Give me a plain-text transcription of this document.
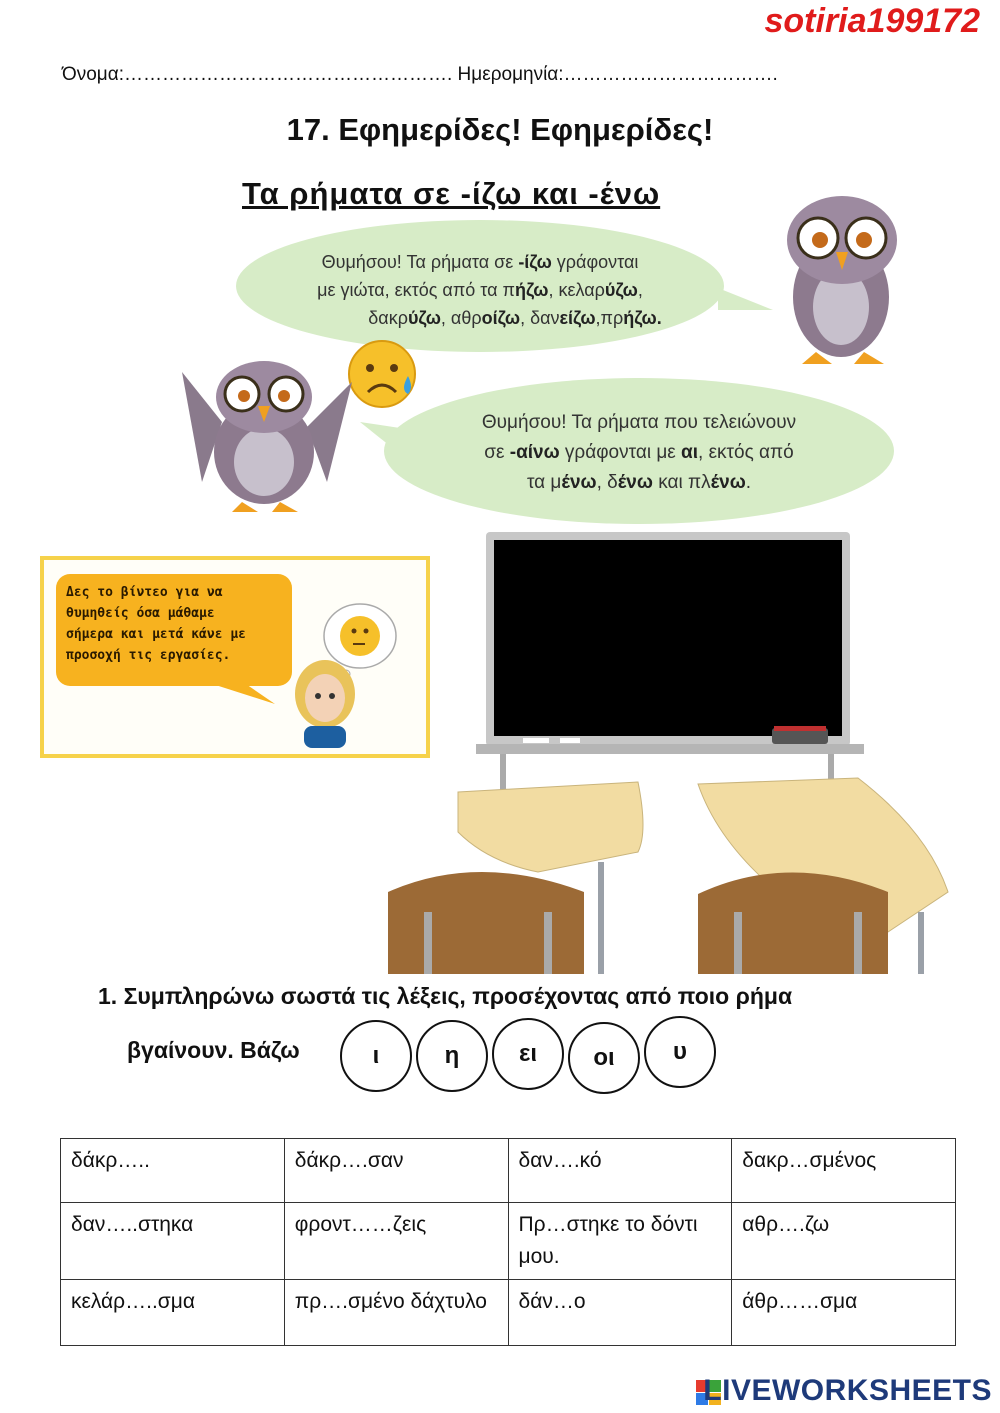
sotiria199172
Όνομα:……………………………………………. Ημερομηνία:…………………………….
17. Εφημερίδες! Εφημερίδες!
Τα ρήματα σε -ίζω και -ένω
Θυμήσου! Τα ρήματα σε -ίζω γράφονται
με γιώτα, εκτός από τα πήζω, κελαρύζω,
δακρύζω, αθροίζω, δανείζω,πρήζω.
Θυμήσου! Τα ρήματα που τελειώνουν
σε -αίνω γράφονται με αι, εκτός από
τα μένω, δένω και πλένω.
Δες το βίντεο για να
θυμηθείς όσα μάθαμε
σήμερα και μετά κάνε με
προσοχή τις εργασίες.
1. Συμπληρώνω σωστά τις λέξεις, προσέχοντας από ποιο ρήμα
βγαίνουν. Βάζω	ι	η	ει	οι	υ
δάκρ…..	δάκρ….σαν	δαν….κό	δακρ…σμένος
δαν…..στηκα	φροντ……ζεις	Πρ…στηκε το δόντι μου.	αθρ….ζω
κελάρ…..σμα	πρ….σμένο δάχτυλο	δάν…ο	άθρ……σμα
LIVEWORKSHEETS
